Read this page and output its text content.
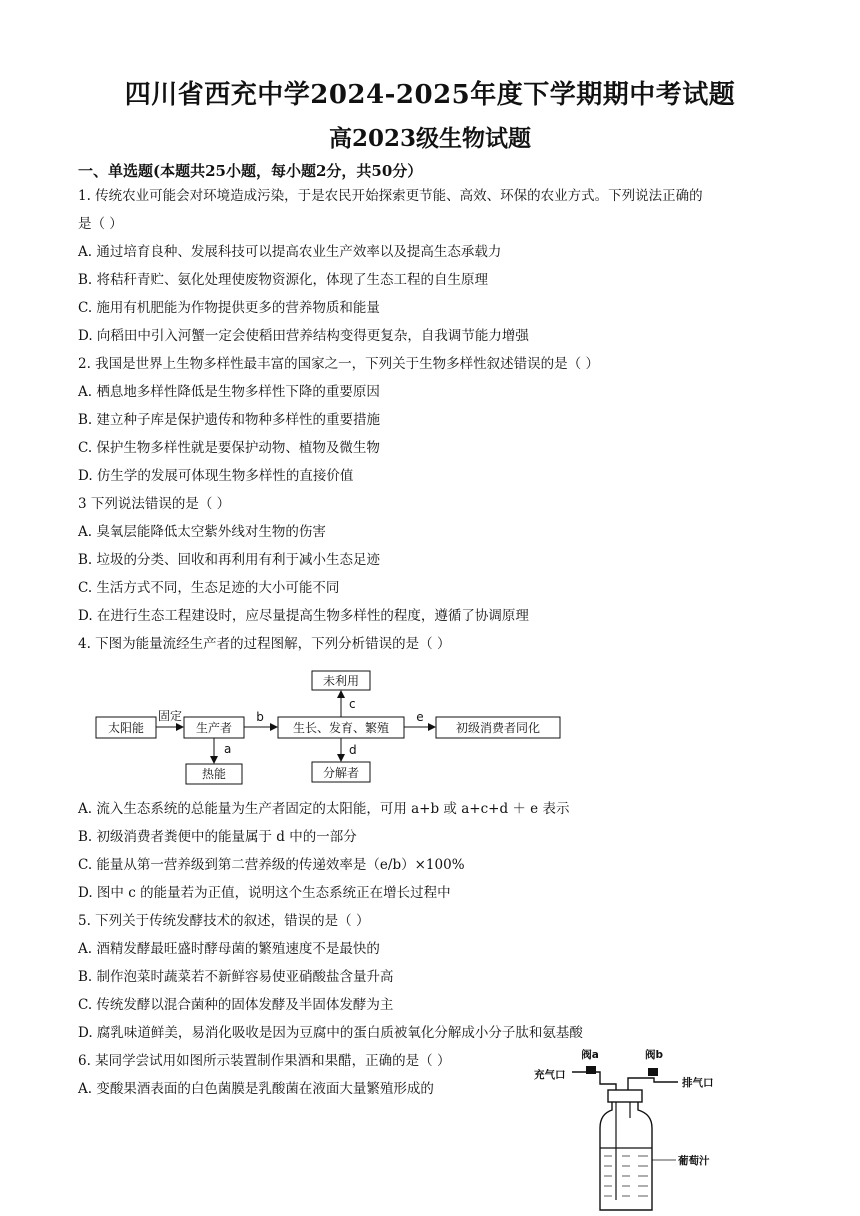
四川省西充中学2024-2025年度下学期期中考试题
高2023级生物试题
一、单选题(本题共25小题，每小题2分，共50分）
1. 传统农业可能会对环境造成污染，于是农民开始探索更节能、高效、环保的农业方式。下列说法正确的
是（ ）
A. 通过培育良种、发展科技可以提高农业生产效率以及提高生态承载力
B. 将秸秆青贮、氨化处理使废物资源化，体现了生态工程的自生原理
C. 施用有机肥能为作物提供更多的营养物质和能量
D. 向稻田中引入河蟹一定会使稻田营养结构变得更复杂，自我调节能力增强
2. 我国是世界上生物多样性最丰富的国家之一，下列关于生物多样性叙述错误的是（ ）
A. 栖息地多样性降低是生物多样性下降的重要原因
B. 建立种子库是保护遗传和物种多样性的重要措施
C. 保护生物多样性就是要保护动物、植物及微生物
D. 仿生学的发展可体现生物多样性的直接价值
3 下列说法错误的是（ ）
A. 臭氧层能降低太空紫外线对生物的伤害
B. 垃圾的分类、回收和再利用有利于减小生态足迹
C. 生活方式不同，生态足迹的大小可能不同
D. 在进行生态工程建设时，应尽量提高生物多样性的程度，遵循了协调原理
4. 下图为能量流经生产者的过程图解，下列分析错误的是（ ）
太阳能	生产者	生长、发育、繁殖	初级消费者同化
未利用
分解者
热能
固定	b	e
c
d
a
A. 流入生态系统的总能量为生产者固定的太阳能，可用 a+b 或 a+c+d ＋ e 表示
B. 初级消费者粪便中的能量属于 d 中的一部分
C. 能量从第一营养级到第二营养级的传递效率是（e/b）×100%
D. 图中 c 的能量若为正值，说明这个生态系统正在增长过程中
5. 下列关于传统发酵技术的叙述，错误的是（ ）
A. 酒精发酵最旺盛时酵母菌的繁殖速度不是最快的
B. 制作泡菜时蔬菜若不新鲜容易使亚硝酸盐含量升高
C. 传统发酵以混合菌种的固体发酵及半固体发酵为主
D. 腐乳味道鲜美，易消化吸收是因为豆腐中的蛋白质被氧化分解成小分子肽和氨基酸
6. 某同学尝试用如图所示装置制作果酒和果醋，正确的是（ ）
A. 变酸果酒表面的白色菌膜是乳酸菌在液面大量繁殖形成的
阀a	阀b
充气口
排气口
葡萄汁
